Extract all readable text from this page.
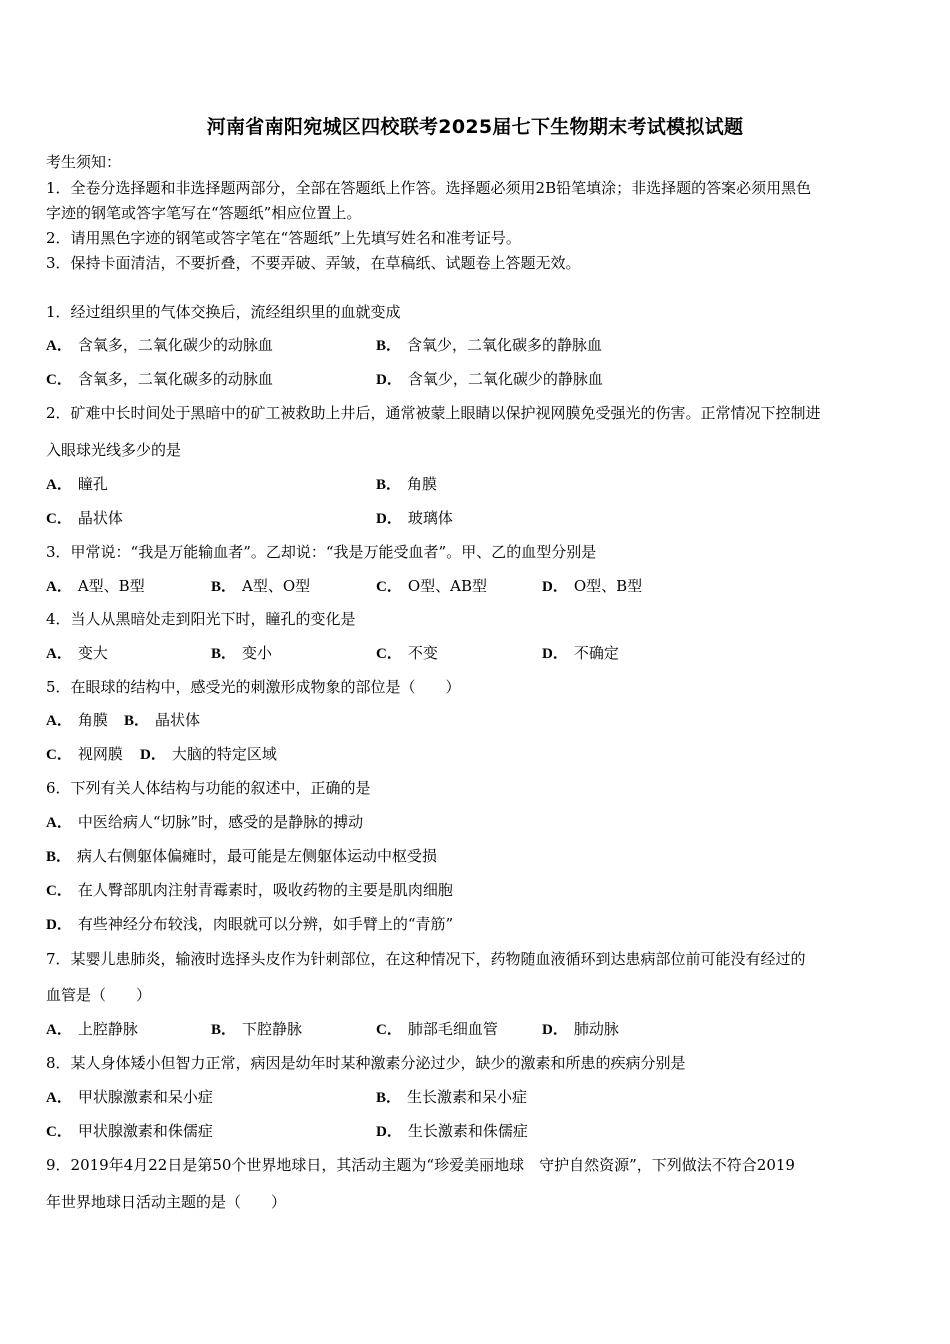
河南省南阳宛城区四校联考2025届七下生物期末考试模拟试题
考生须知：
1．全卷分选择题和非选择题两部分，全部在答题纸上作答。选择题必须用2B铅笔填涂；非选择题的答案必须用黑色
字迹的钢笔或答字笔写在“答题纸”相应位置上。
2．请用黑色字迹的钢笔或答字笔在“答题纸”上先填写姓名和准考证号。
3．保持卡面清洁，不要折叠，不要弄破、弄皱，在草稿纸、试题卷上答题无效。
1．经过组织里的气体交换后，流经组织里的血就变成
A． 含氧多，二氧化碳少的动脉血	B． 含氧少，二氧化碳多的静脉血
C． 含氧多，二氧化碳多的动脉血	D． 含氧少，二氧化碳少的静脉血
2．矿难中长时间处于黑暗中的矿工被救助上井后，通常被蒙上眼睛以保护视网膜免受强光的伤害。正常情况下控制进
入眼球光线多少的是
A． 瞳孔	B． 角膜
C． 晶状体	D． 玻璃体
3．甲常说：“我是万能输血者”。乙却说：“我是万能受血者”。甲、乙的血型分别是
A． A型、B型	B． A型、O型	C． O型、AB型	D． O型、B型
4．当人从黑暗处走到阳光下时，瞳孔的变化是
A． 变大	B． 变小	C． 不变	D． 不确定
5．在眼球的结构中，感受光的刺激形成物象的部位是（　　）
A． 角膜 B． 晶状体
C． 视网膜 D． 大脑的特定区域
6．下列有关人体结构与功能的叙述中，正确的是
A． 中医给病人“切脉”时，感受的是静脉的搏动
B． 病人右侧躯体偏瘫时，最可能是左侧躯体运动中枢受损
C． 在人臀部肌肉注射青霉素时，吸收药物的主要是肌肉细胞
D． 有些神经分布较浅，肉眼就可以分辨，如手臂上的“青筋”
7．某婴儿患肺炎，输液时选择头皮作为针刺部位，在这种情况下，药物随血液循环到达患病部位前可能没有经过的
血管是（　　）
A． 上腔静脉	B． 下腔静脉	C． 肺部毛细血管	D． 肺动脉
8．某人身体矮小但智力正常，病因是幼年时某种激素分泌过少，缺少的激素和所患的疾病分别是
A． 甲状腺激素和呆小症	B． 生长激素和呆小症
C． 甲状腺激素和侏儒症	D． 生长激素和侏儒症
9．2019年4月22日是第50个世界地球日，其活动主题为“珍爱美丽地球　守护自然资源”，下列做法不符合2019
年世界地球日活动主题的是（　　）
